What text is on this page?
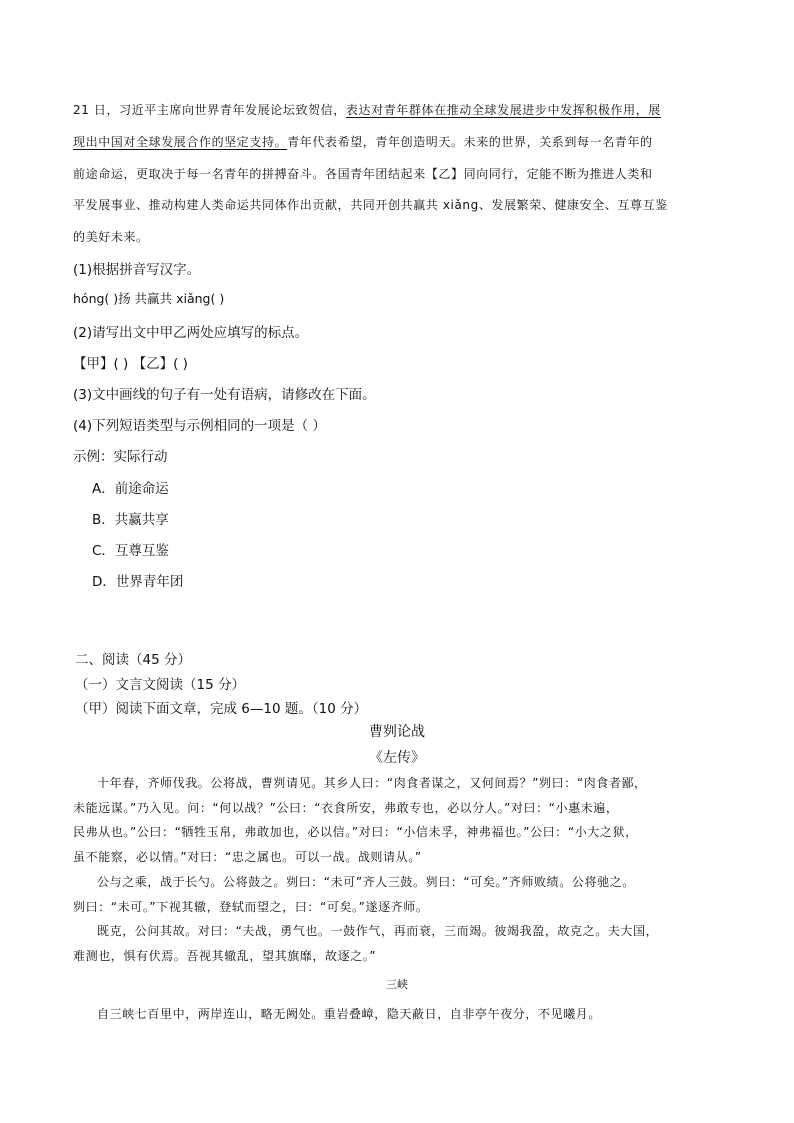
21 日，习近平主席向世界青年发展论坛致贺信，表达对青年群体在推动全球发展进步中发挥积极作用，展
现出中国对全球发展合作的坚定支持。青年代表希望，青年创造明天。未来的世界，关系到每一名青年的
前途命运，更取决于每一名青年的拼搏奋斗。各国青年团结起来【乙】同向同行，定能不断为推进人类和
平发展事业、推动构建人类命运共同体作出贡献，共同开创共赢共 xiǎng、发展繁荣、健康安全、互尊互鉴
的美好未来。
(1)根据拼音写汉字。
hóng( )扬 共赢共 xiǎng( )
(2)请写出文中甲乙两处应填写的标点。
【甲】( ) 【乙】( )
(3)文中画线的句子有一处有语病，请修改在下面。
(4)下列短语类型与示例相同的一项是（ ）
示例：实际行动
A．前途命运
B．共赢共享
C．互尊互鉴
D．世界青年团
二、阅读（45 分）
（一）文言文阅读（15 分）
（甲）阅读下面文章，完成 6—10 题。（10 分）
曹刿论战
《左传》
十年春，齐师伐我。公将战，曹刿请见。其乡人曰：“肉食者谋之，又何间焉？”刿曰：“肉食者鄙，
未能远谋。”乃入见。问：“何以战？”公曰：“衣食所安，弗敢专也，必以分人。”对曰：“小惠未遍，
民弗从也。”公曰：“牺牲玉帛，弗敢加也，必以信。”对曰：“小信未孚，神弗福也。”公曰：“小大之狱，
虽不能察，必以情。”对曰：“忠之属也。可以一战。战则请从。”
公与之乘，战于长勺。公将鼓之。刿曰：“未可”齐人三鼓。刿曰：“可矣。”齐师败绩。公将驰之。
刿曰：“未可。”下视其辙，登轼而望之，曰：“可矣。”遂逐齐师。
既克，公问其故。对曰：“夫战，勇气也。一鼓作气，再而衰，三而竭。彼竭我盈，故克之。夫大国，
难测也，惧有伏焉。吾视其辙乱，望其旗靡，故逐之。”
三峡
自三峡七百里中，两岸连山，略无阙处。重岩叠嶂，隐天蔽日，自非亭午夜分，不见曦月。
